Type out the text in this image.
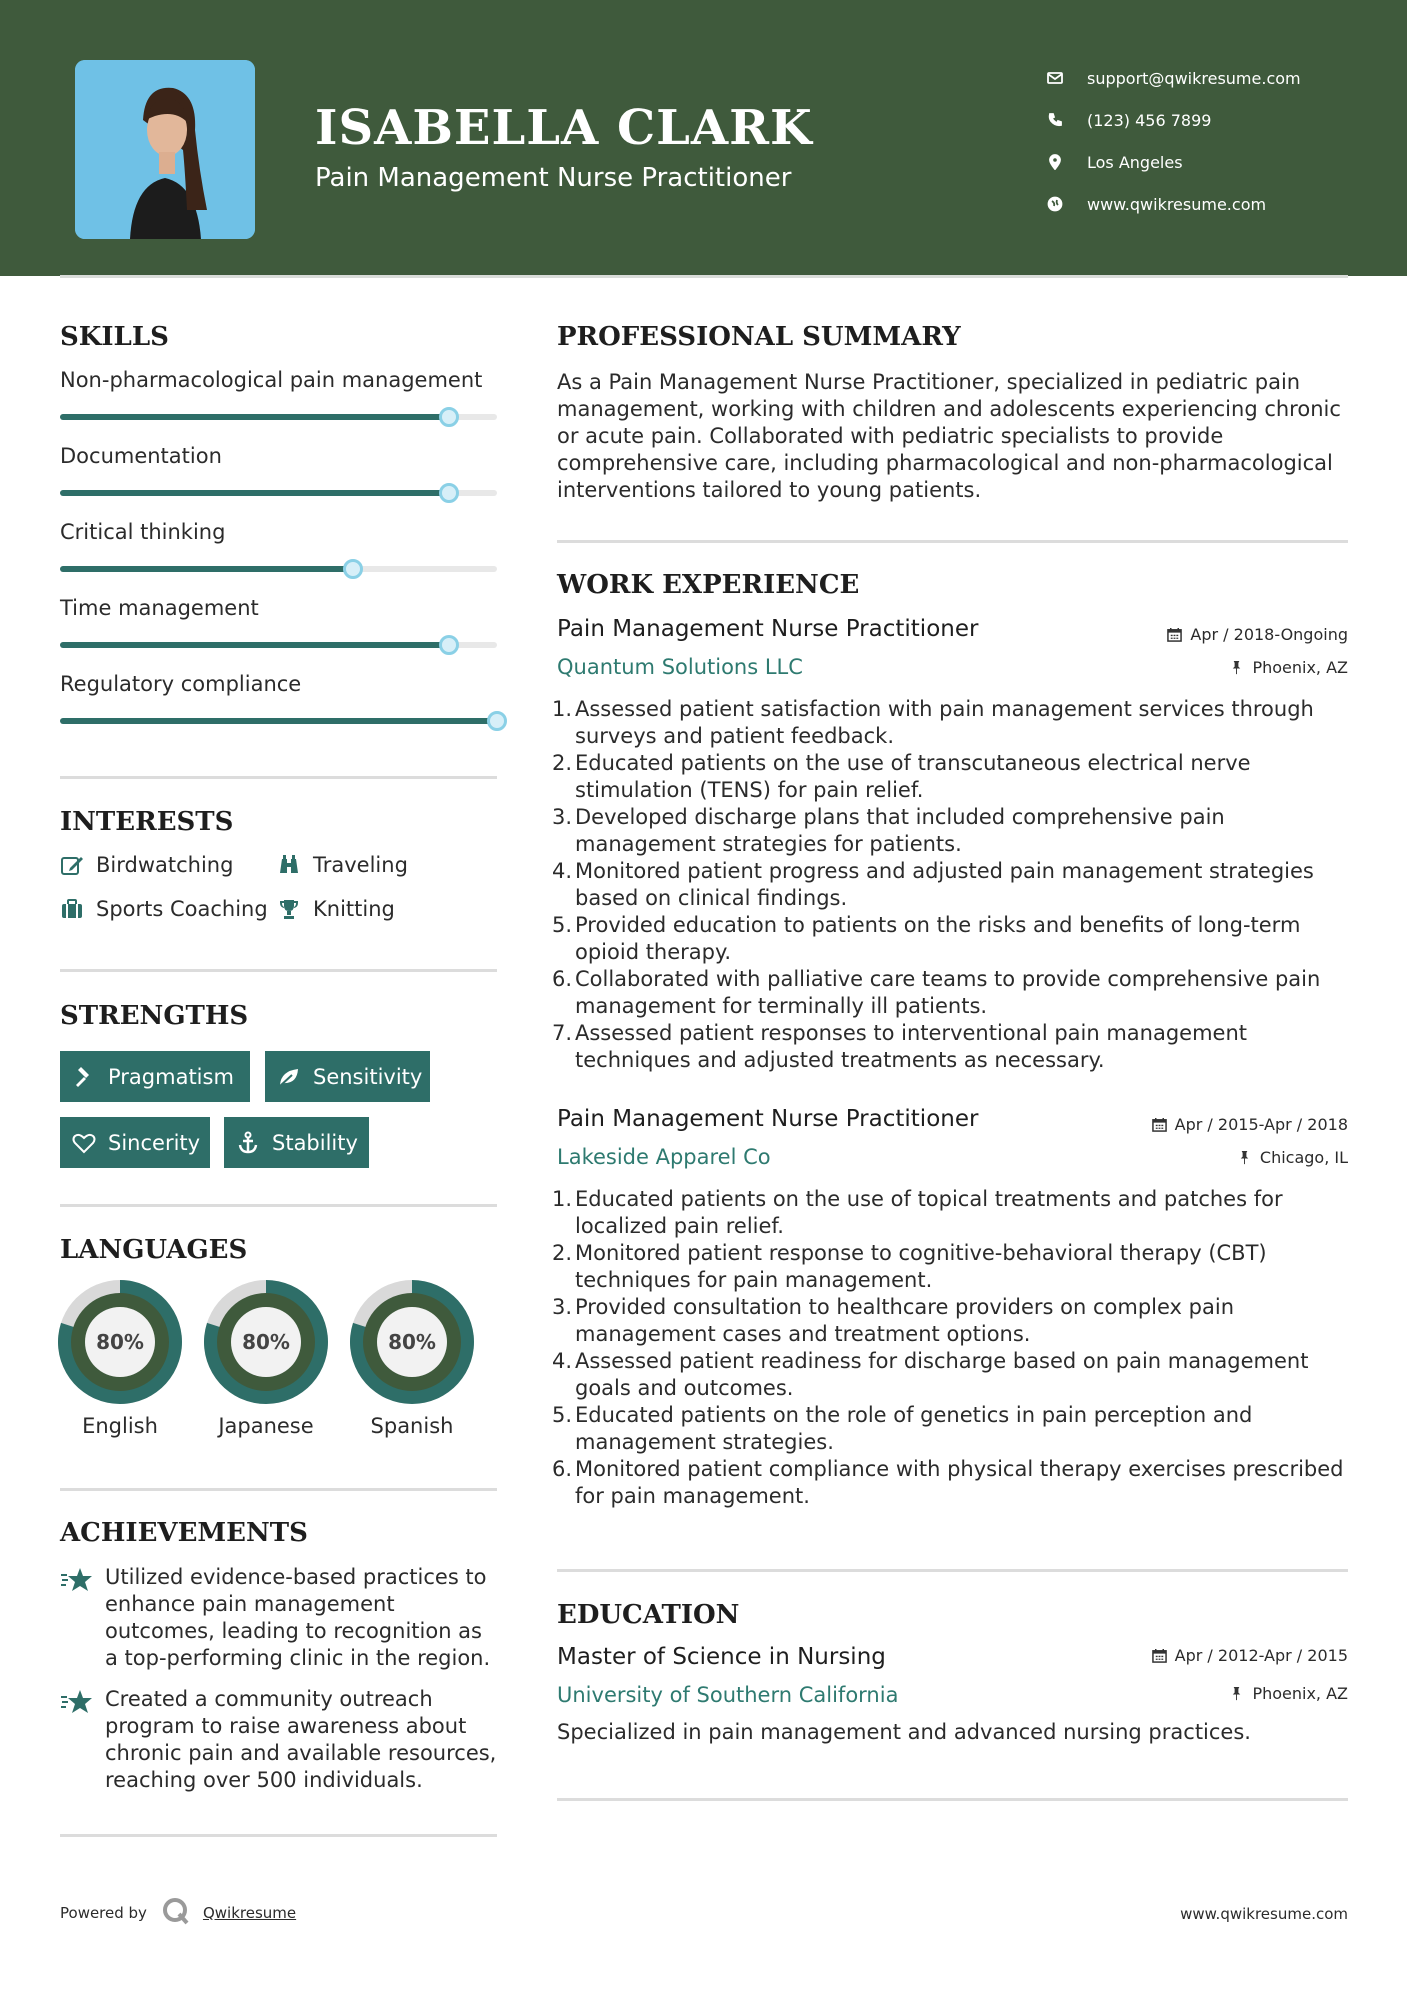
ISABELLA CLARK
Pain Management Nurse Practitioner
support@qwikresume.com
(123) 456 7899
Los Angeles
www.qwikresume.com
SKILLS
Non-pharmacological pain management
Documentation
Critical thinking
Time management
Regulatory compliance
INTERESTS
Birdwatching	Traveling
Sports Coaching Knitting
STRENGTHS
Pragmatism	Sensitivity
Sincerity	Stability
LANGUAGES
80%
English
80%
Japanese
80%
Spanish
ACHIEVEMENTS
Utilized evidence-based practices to enhance pain management outcomes, leading to recognition as a top-performing clinic in the region.
Created a community outreach program to raise awareness about chronic pain and available resources, reaching over 500 individuals.
PROFESSIONAL SUMMARY
As a Pain Management Nurse Practitioner, specialized in pediatric pain management, working with children and adolescents experiencing chronic or acute pain. Collaborated with pediatric specialists to provide comprehensive care, including pharmacological and non-pharmacological interventions tailored to young patients.
WORK EXPERIENCE
Pain Management Nurse Practitioner
Quantum Solutions LLC
Apr / 2018-Ongoing
Phoenix, AZ
1. Assessed patient satisfaction with pain management services through surveys and patient feedback.
2. Educated patients on the use of transcutaneous electrical nerve stimulation (TENS) for pain relief.
3. Developed discharge plans that included comprehensive pain management strategies for patients.
4. Monitored patient progress and adjusted pain management strategies based on clinical findings.
5. Provided education to patients on the risks and benefits of long-term opioid therapy.
6. Collaborated with palliative care teams to provide comprehensive pain management for terminally ill patients.
7. Assessed patient responses to interventional pain management techniques and adjusted treatments as necessary.
Pain Management Nurse Practitioner
Lakeside Apparel Co
Apr / 2015-Apr / 2018
Chicago, IL
1. Educated patients on the use of topical treatments and patches for localized pain relief.
2. Monitored patient response to cognitive-behavioral therapy (CBT) techniques for pain management.
3. Provided consultation to healthcare providers on complex pain management cases and treatment options.
4. Assessed patient readiness for discharge based on pain management goals and outcomes.
5. Educated patients on the role of genetics in pain perception and management strategies.
6. Monitored patient compliance with physical therapy exercises prescribed for pain management.
EDUCATION
Master of Science in Nursing
University of Southern California
Apr / 2012-Apr / 2015
Phoenix, AZ
Specialized in pain management and advanced nursing practices.
Powered by	Qwikresume	www.qwikresume.com
